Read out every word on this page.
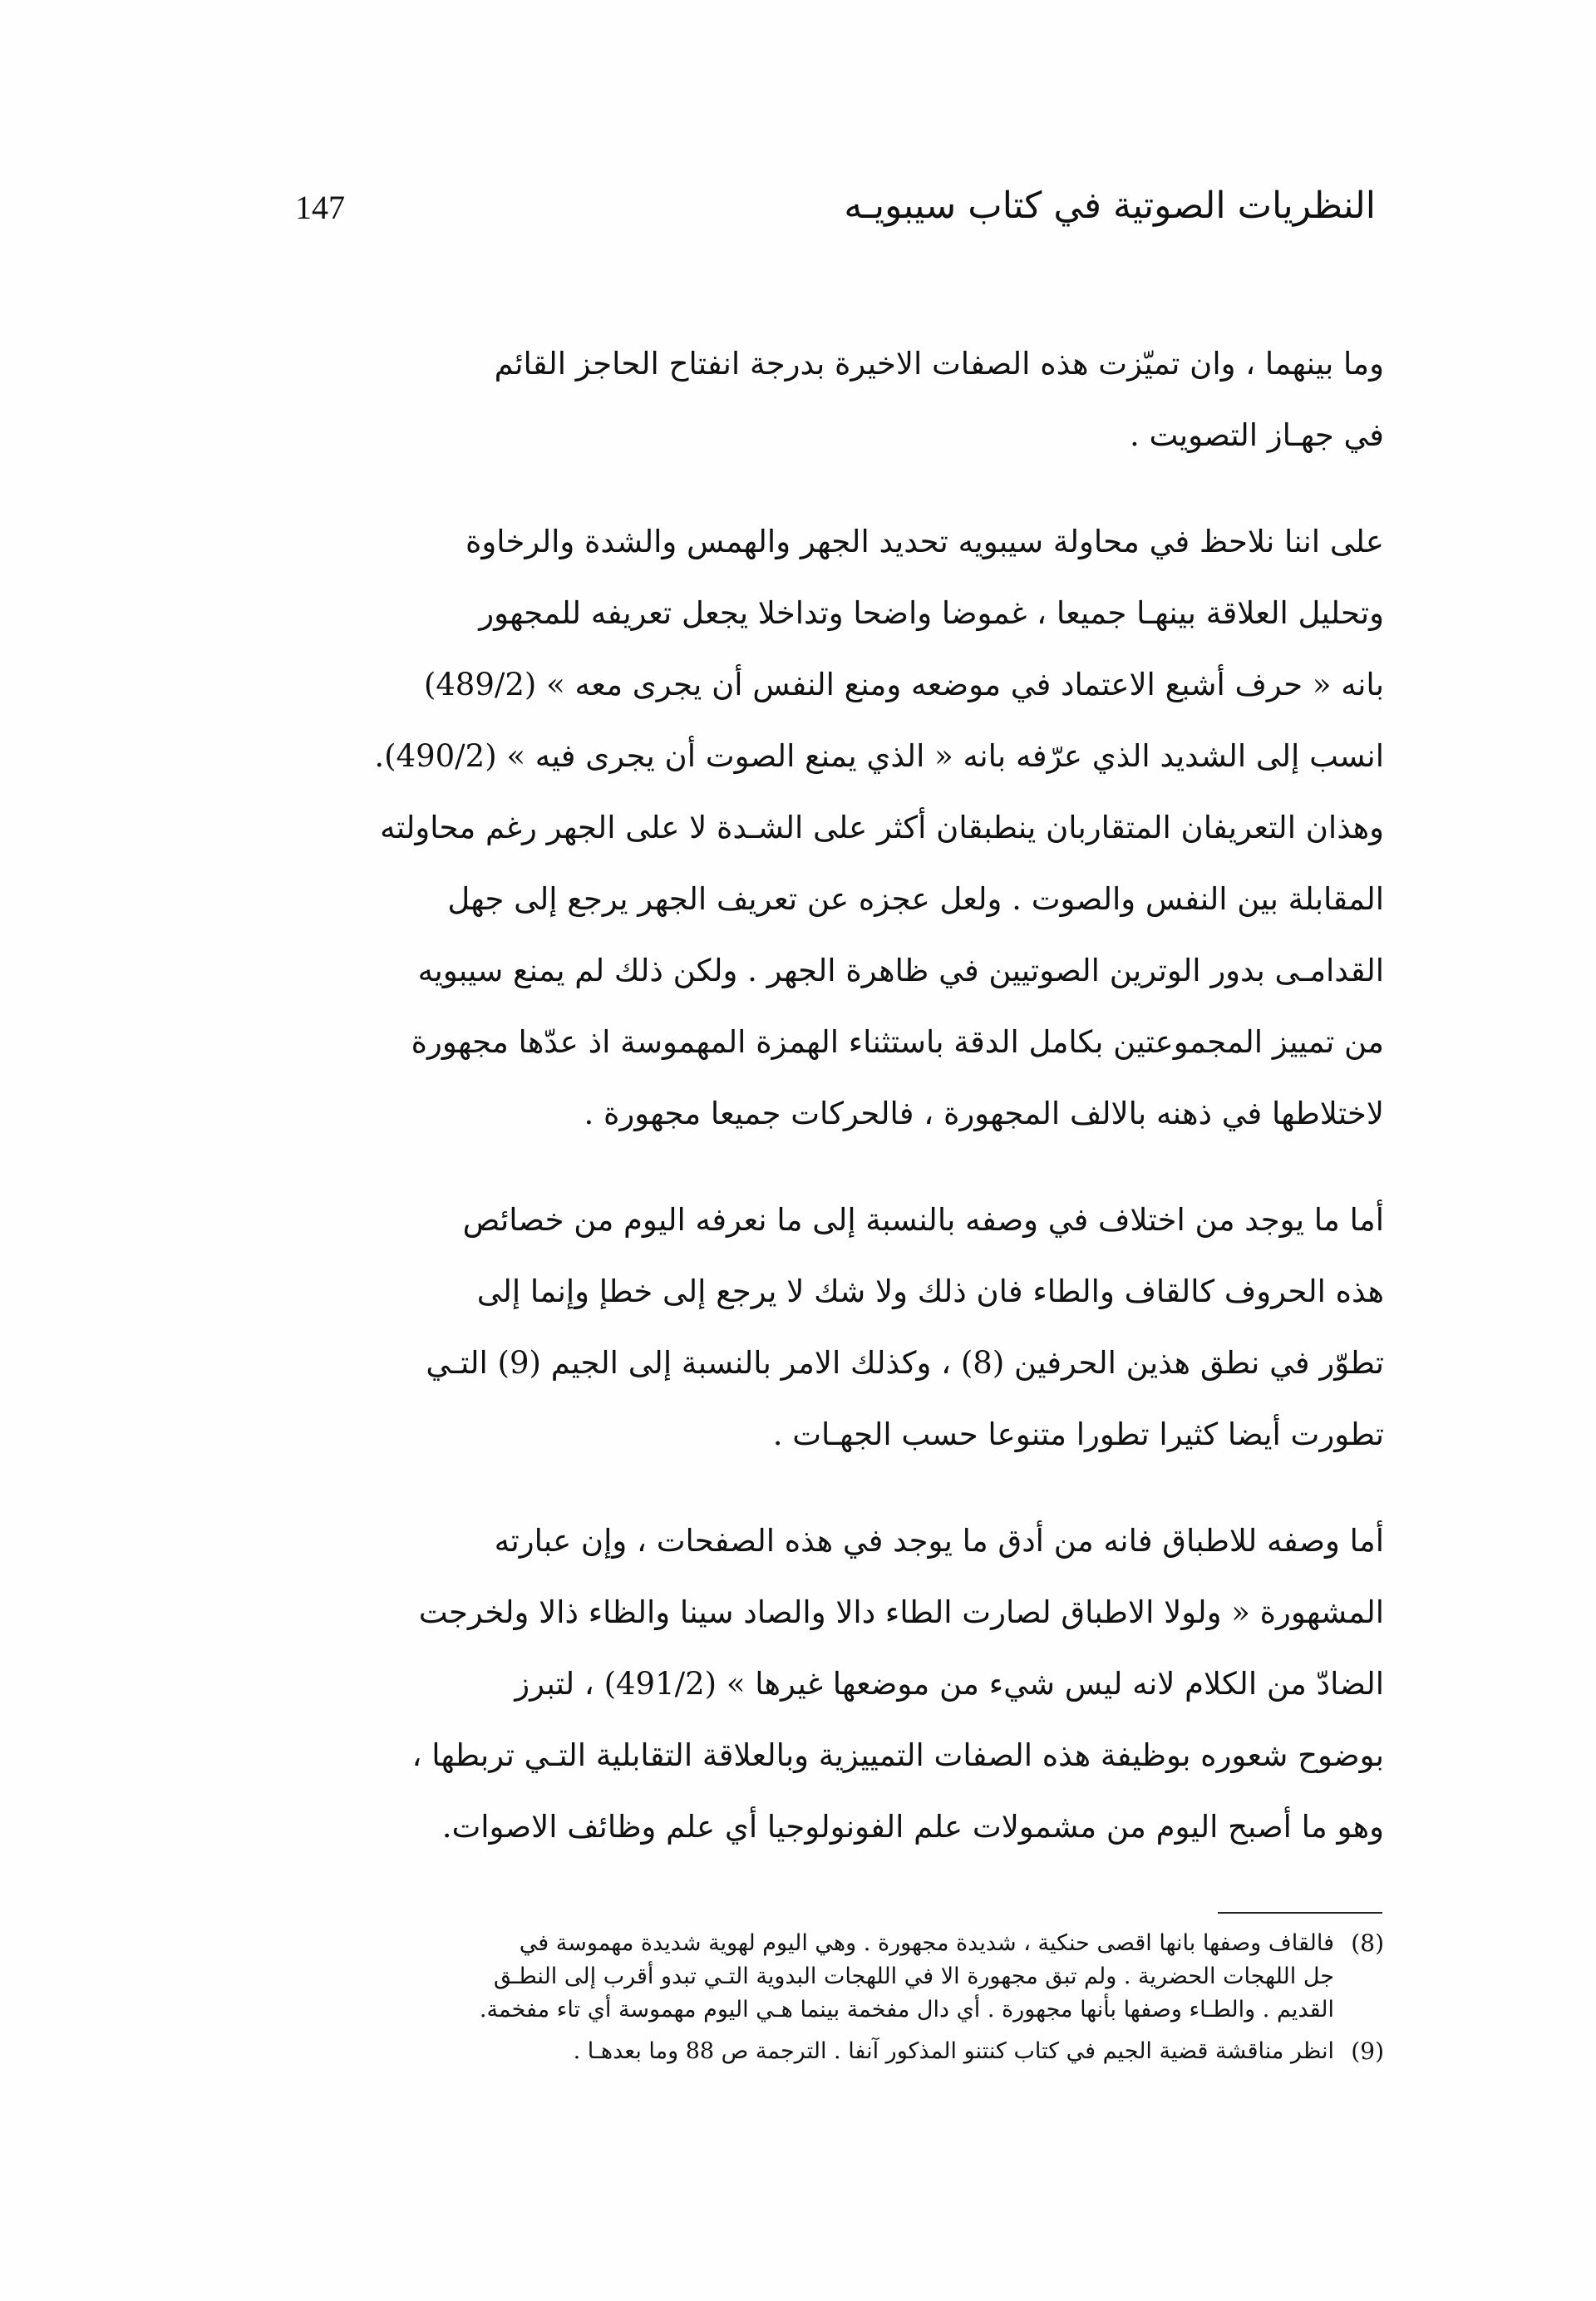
147	النظريات الصوتية في كتاب سيبويـه

وما بينهما ، وان تميّزت هذه الصفات الاخيرة بدرجة انفتاح الحاجز القائم
في جهـاز التصويت .

على اننا نلاحظ في محاولة سيبويه تحديد الجهر والهمس والشدة والرخاوة
وتحليل العلاقة بينهـا جميعا ، غموضا واضحا وتداخلا يجعل تعريفه للمجهور
بانه « حرف أشبع الاعتماد في موضعه ومنع النفس أن يجرى معه » (489/2)
انسب إلى الشديد الذي عرّفه بانه « الذي يمنع الصوت أن يجرى فيه » (490/2).
وهذان التعريفان المتقاربان ينطبقان أكثر على الشـدة لا على الجهر رغم محاولته
المقابلة بين النفس والصوت . ولعل عجزه عن تعريف الجهر يرجع إلى جهل
القدامـى بدور الوترين الصوتيين في ظاهرة الجهر . ولكن ذلك لم يمنع سيبويه
من تمييز المجموعتين بكامل الدقة باستثناء الهمزة المهموسة اذ عدّها مجهورة
لاختلاطها في ذهنه بالالف المجهورة ، فالحركات جميعا مجهورة .

أما ما يوجد من اختلاف في وصفه بالنسبة إلى ما نعرفه اليوم من خصائص
هذه الحروف كالقاف والطاء فان ذلك ولا شك لا يرجع إلى خطإ وإنما إلى
تطوّر في نطق هذين الحرفين (8) ، وكذلك الامر بالنسبة إلى الجيم (9) التـي
تطورت أيضا كثيرا تطورا متنوعا حسب الجهـات .

أما وصفه للاطباق فانه من أدق ما يوجد في هذه الصفحات ، وإن عبارته
المشهورة « ولولا الاطباق لصارت الطاء دالا والصاد سينا والظاء ذالا ولخرجت
الضادّ من الكلام لانه ليس شيء من موضعها غيرها » (491/2) ، لتبرز
بوضوح شعوره بوظيفة هذه الصفات التمييزية وبالعلاقة التقابلية التـي تربطها ،
وهو ما أصبح اليوم من مشمولات علم الفونولوجيا أي علم وظائف الاصوات.

(8)
فالقاف وصفها بانها اقصى حنكية ، شديدة مجهورة . وهي اليوم لهوية شديدة مهموسة في
جل اللهجات الحضرية . ولم تبق مجهورة الا في اللهجات البدوية التـي تبدو أقرب إلى النطـق
القديم . والطـاء وصفها بأنها مجهورة . أي دال مفخمة بينما هـي اليوم مهموسة أي تاء مفخمة.
(9)
انظر مناقشة قضية الجيم في كتاب كنتنو المذكور آنفا . الترجمة ص 88 وما بعدهـا .
